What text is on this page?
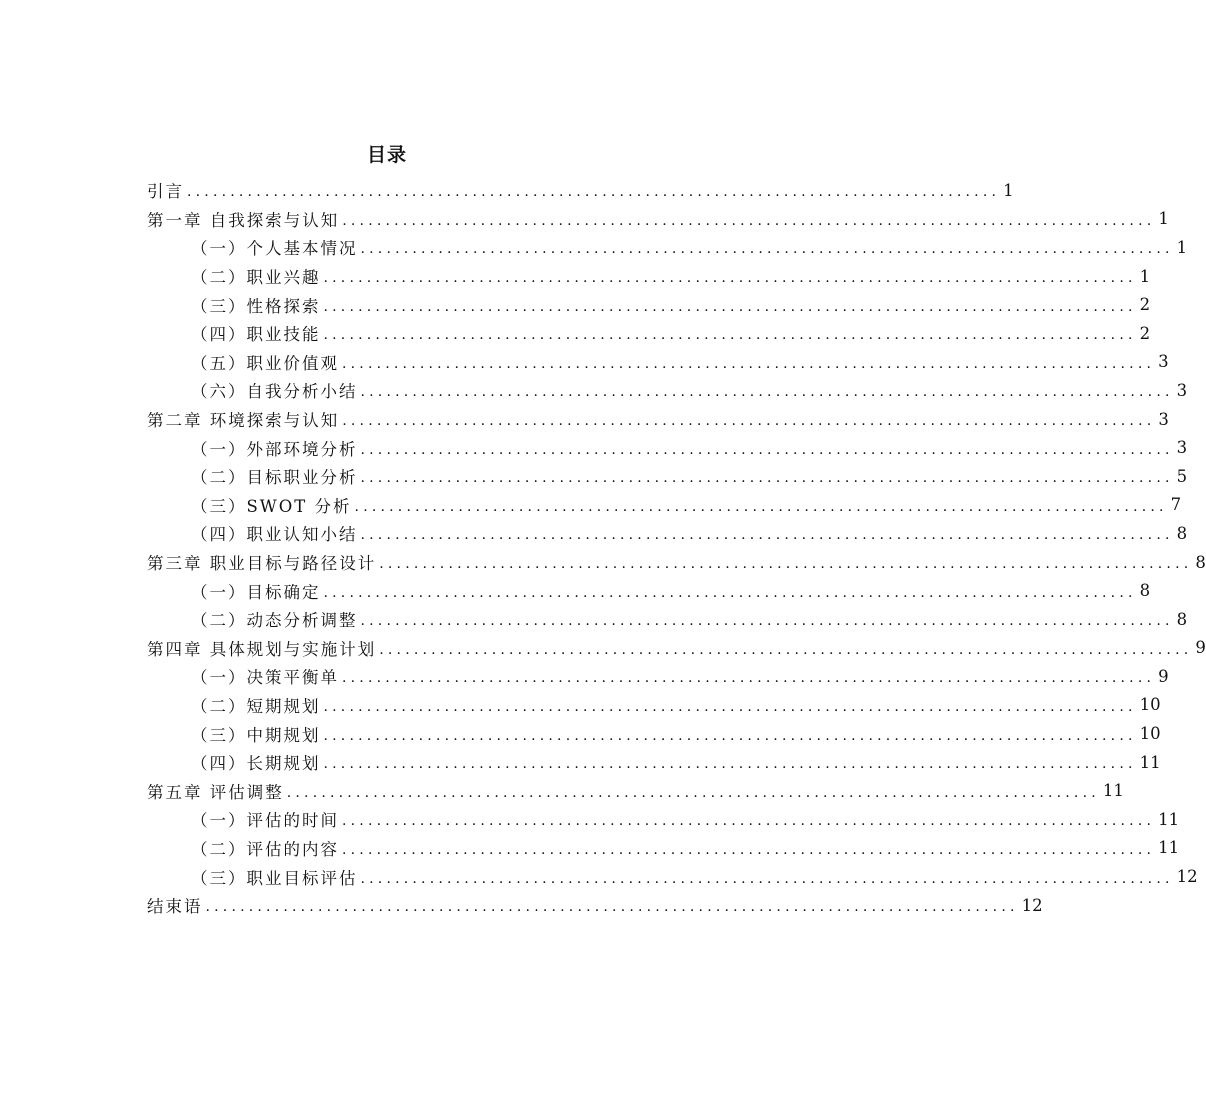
目录
引言 .............................................................................................. 1
第一章 自我探索与认知 .............................................................................................. 1
（一）个人基本情况 .............................................................................................. 1
（二）职业兴趣 .............................................................................................. 1
（三）性格探索 .............................................................................................. 2
（四）职业技能 .............................................................................................. 2
（五）职业价值观 .............................................................................................. 3
（六）自我分析小结 .............................................................................................. 3
第二章 环境探索与认知 .............................................................................................. 3
（一）外部环境分析 .............................................................................................. 3
（二）目标职业分析 .............................................................................................. 5
（三）SWOT 分析 .............................................................................................. 7
（四）职业认知小结 .............................................................................................. 8
第三章 职业目标与路径设计 .............................................................................................. 8
（一）目标确定 .............................................................................................. 8
（二）动态分析调整 .............................................................................................. 8
第四章 具体规划与实施计划 .............................................................................................. 9
（一）决策平衡单 .............................................................................................. 9
（二）短期规划 .............................................................................................. 10
（三）中期规划 .............................................................................................. 10
（四）长期规划 .............................................................................................. 11
第五章 评估调整 .............................................................................................. 11
（一）评估的时间 .............................................................................................. 11
（二）评估的内容 .............................................................................................. 11
（三）职业目标评估 .............................................................................................. 12
结束语 .............................................................................................. 12
